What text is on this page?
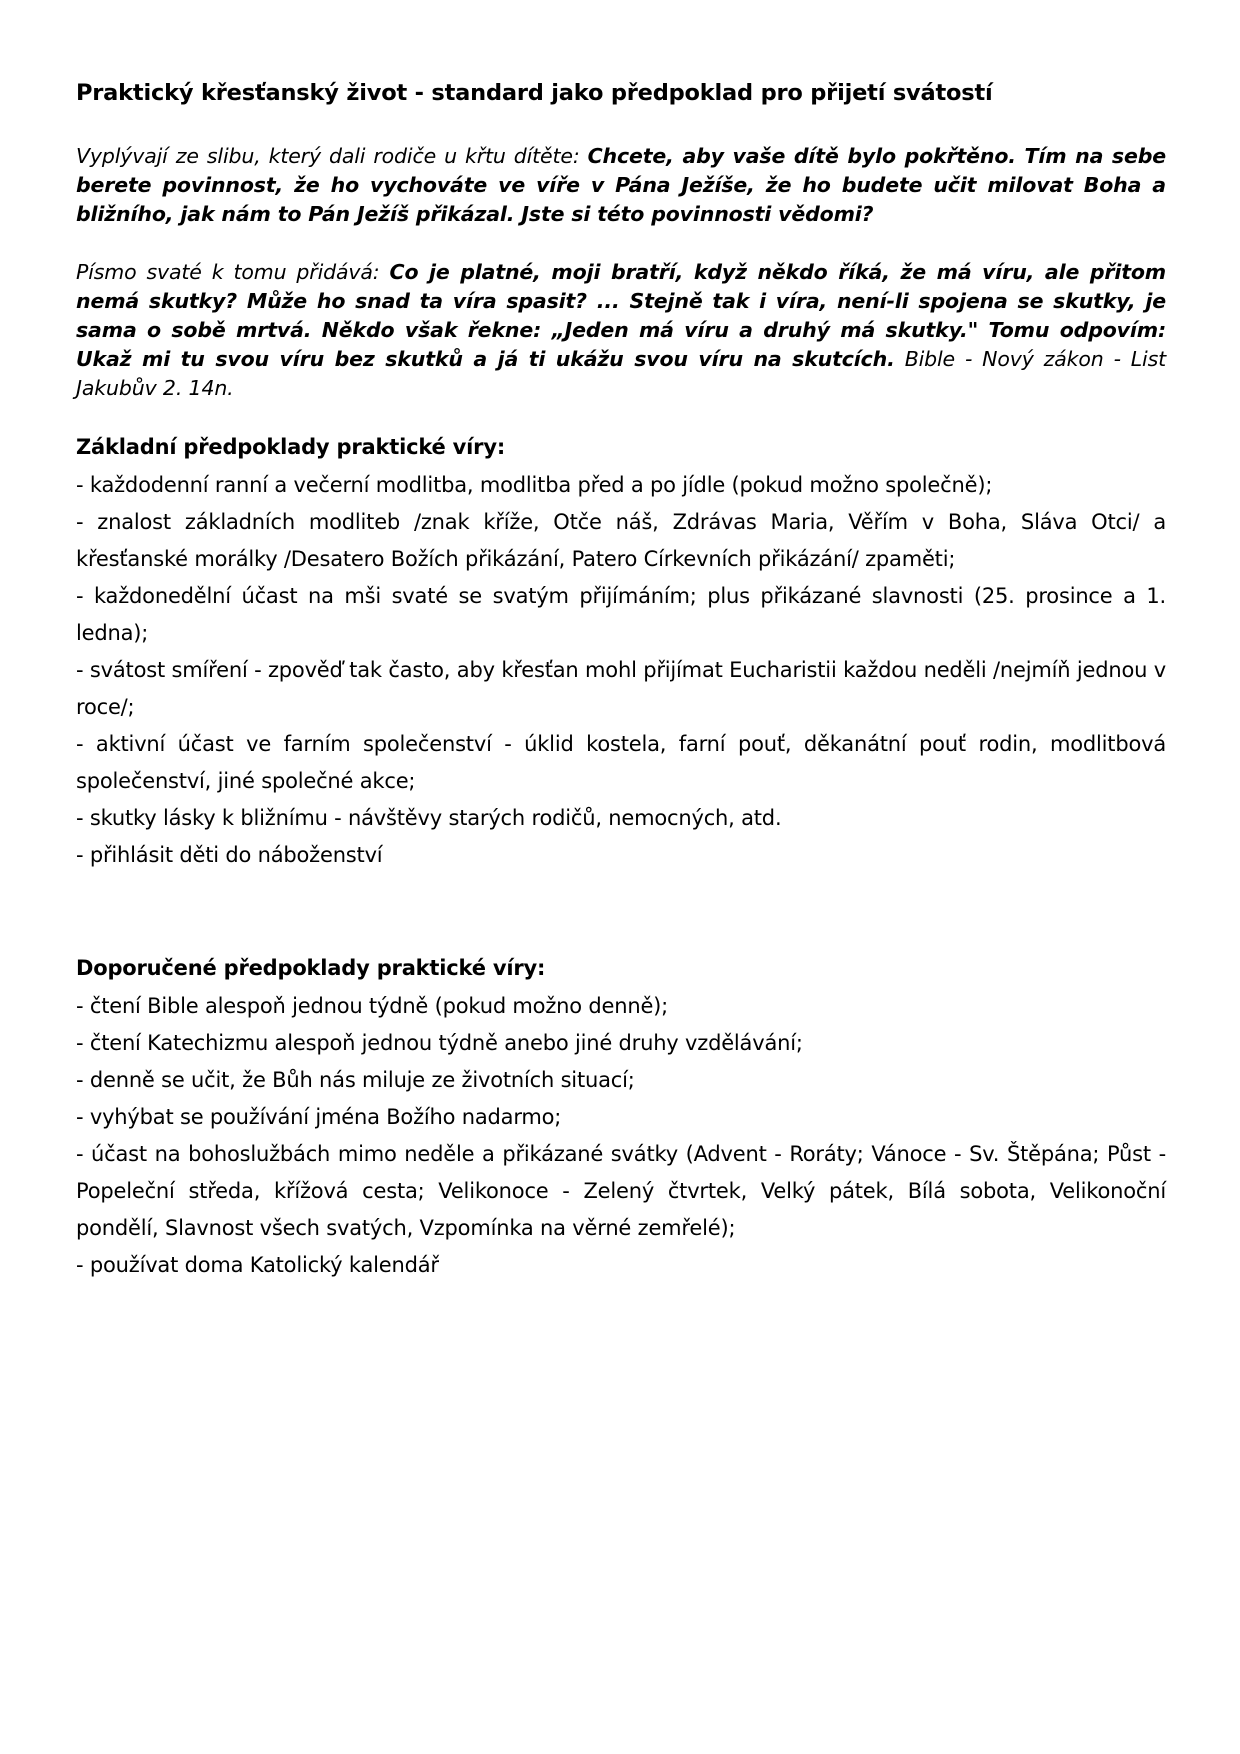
Praktický křesťanský život - standard jako předpoklad pro přijetí svátostí

Vyplývají ze slibu, který dali rodiče u křtu dítěte: Chcete, aby vaše dítě bylo pokřtěno. Tím na sebe berete povinnost, že ho vychováte ve víře v Pána Ježíše, že ho budete učit milovat Boha a bližního, jak nám to Pán Ježíš přikázal. Jste si této povinnosti vědomi?

Písmo svaté k tomu přidává: Co je platné, moji bratří, když někdo říká, že má víru, ale přitom nemá skutky? Může ho snad ta víra spasit? ... Stejně tak i víra, není-li spojena se skutky, je sama o sobě mrtvá. Někdo však řekne: „Jeden má víru a druhý má skutky." Tomu odpovím: Ukaž mi tu svou víru bez skutků a já ti ukážu svou víru na skutcích. Bible - Nový zákon - List Jakubův 2. 14n.

Základní předpoklady praktické víry:
- každodenní ranní a večerní modlitba, modlitba před a po jídle (pokud možno společně);
- znalost základních modliteb /znak kříže, Otče náš, Zdrávas Maria, Věřím v Boha, Sláva Otci/ a křesťanské morálky /Desatero Božích přikázání, Patero Církevních přikázání/ zpaměti;
- každonedělní účast na mši svaté se svatým přijímáním; plus přikázané slavnosti (25. prosince a 1. ledna);
- svátost smíření - zpověď tak často, aby křesťan mohl přijímat Eucharistii každou neděli /nejmíň jednou v roce/;
- aktivní účast ve farním společenství - úklid kostela, farní pouť, děkanátní pouť rodin, modlitbová společenství, jiné společné akce;
- skutky lásky k bližnímu - návštěvy starých rodičů, nemocných, atd.
- přihlásit děti do náboženství
Doporučené předpoklady praktické víry:
- čtení Bible alespoň jednou týdně (pokud možno denně);
- čtení Katechizmu alespoň jednou týdně anebo jiné druhy vzdělávání;
- denně se učit, že Bůh nás miluje ze životních situací;
- vyhýbat se používání jména Božího nadarmo;
- účast na bohoslužbách mimo neděle a přikázané svátky (Advent - Roráty; Vánoce - Sv. Štěpána; Půst - Popeleční středa, křížová cesta; Velikonoce - Zelený čtvrtek, Velký pátek, Bílá sobota, Velikonoční pondělí, Slavnost všech svatých, Vzpomínka na věrné zemřelé);
- používat doma Katolický kalendář
